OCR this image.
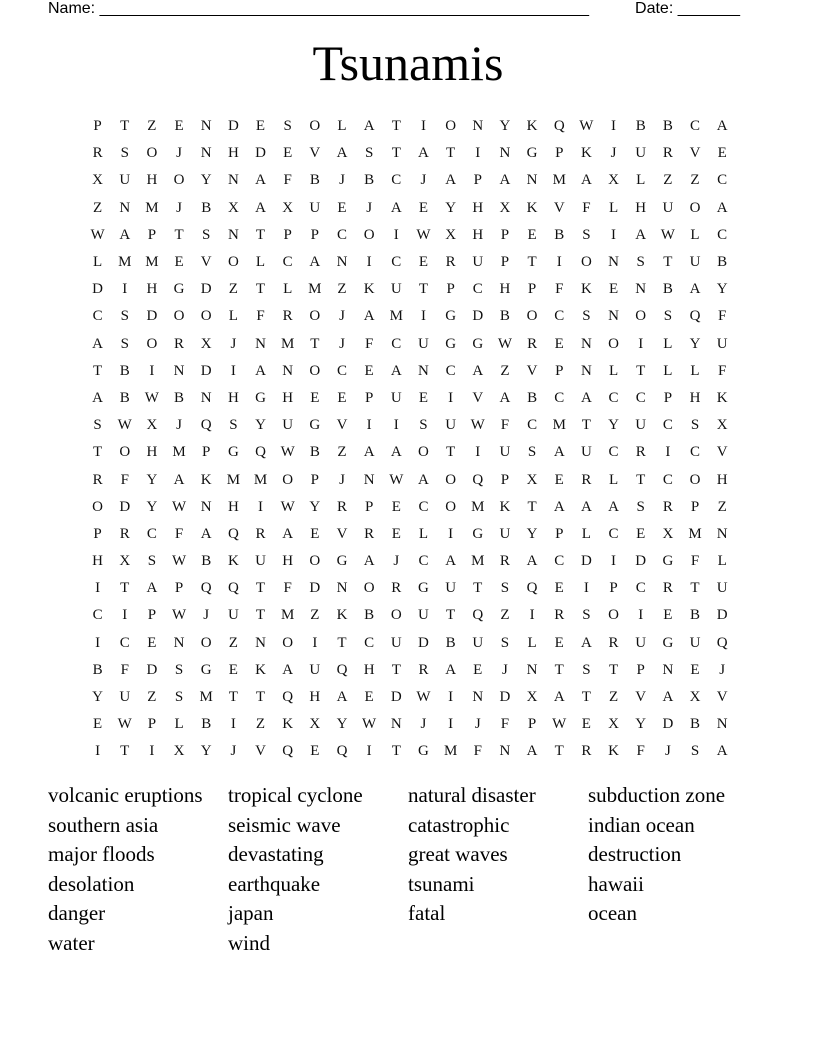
Name: _______________________________________________________	Date: _______
Tsunamis
P	T	Z	E	N	D	E	S	O	L	A	T	I	O	N	Y	K	Q W	I	B	B	C	A
R	S	O	J	N	H	D	E	V	A	S	T	A	T	I	N	G	P	K	J	U	R	V	E
X	U	H	O	Y	N	A	F	B	J	B	C	J	A	P	A	N	M	A	X	L	Z	Z	C
Z	N	M	J	B	X	A	X	U	E	J	A	E	Y	H	X	K	V	F	L	H	U	O	A
W A	P	T	S	N	T	P	P	C	O	I	W X	H	P	E	B	S	I	A W	L	C
L	M M	E	V	O	L	C	A	N	I	C	E	R	U	P	T	I	O	N	S	T	U	B
D	I	H	G	D	Z	T	L	M	Z	K	U	T	P	C	H	P	F	K	E	N	B	A	Y
C	S	D	O	O	L	F	R	O	J	A	M	I	G	D	B	O	C	S	N	O	S	Q	F
A	S	O	R	X	J	N	M	T	J	F	C	U	G	G W	R	E	N	O	I	L	Y	U
T	B	I	N	D	I	A	N	O	C	E	A	N	C	A	Z	V	P	N	L	T	L	L	F
A	B	W	B	N	H	G	H	E	E	P	U	E	I	V	A	B	C	A	C	C	P	H	K
S	W X	J	Q	S	Y	U	G	V	I	I	S	U W	F	C	M	T	Y	U	C	S	X
T	O	H	M	P	G	Q W	B	Z	A	A	O	T	I	U	S	A	U	C	R	I	C	V
R	F	Y	A	K	M M	O	P	J	N W A	O	Q	P	X	E	R	L	T	C	O	H
O	D	Y W N	H	I	W Y	R	P	E	C	O	M	K	T	A	A	A	S	R	P	Z
P	R	C	F	A	Q	R	A	E	V	R	E	L	I	G	U	Y	P	L	C	E	X	M	N
H	X	S	W	B	K	U	H	O	G	A	J	C	A	M	R	A	C	D	I	D	G	F	L
I	T	A	P	Q	Q	T	F	D	N	O	R	G	U	T	S	Q	E	I	P	C	R	T	U
C	I	P	W	J	U	T	M	Z	K	B	O	U	T	Q	Z	I	R	S	O	I	E	B	D
I	C	E	N	O	Z	N	O	I	T	C	U	D	B	U	S	L	E	A	R	U	G	U	Q
B	F	D	S	G	E	K	A	U	Q	H	T	R	A	E	J	N	T	S	T	P	N	E	J
Y	U	Z	S	M	T	T	Q	H	A	E	D W	I	N	D	X	A	T	Z	V	A	X	V
E	W	P	L	B	I	Z	K	X	Y W N	J	I	J	F	P	W	E	X	Y	D	B	N
I	T	I	X	Y	J	V	Q	E	Q	I	T	G	M	F	N	A	T	R	K	F	J	S	A
volcanic eruptions	tropical cyclone	natural disaster	subduction zone
southern asia	seismic wave	catastrophic	indian ocean
major floods	devastating	great waves	destruction
desolation	earthquake	tsunami	hawaii
danger	japan	fatal	ocean
water	wind
